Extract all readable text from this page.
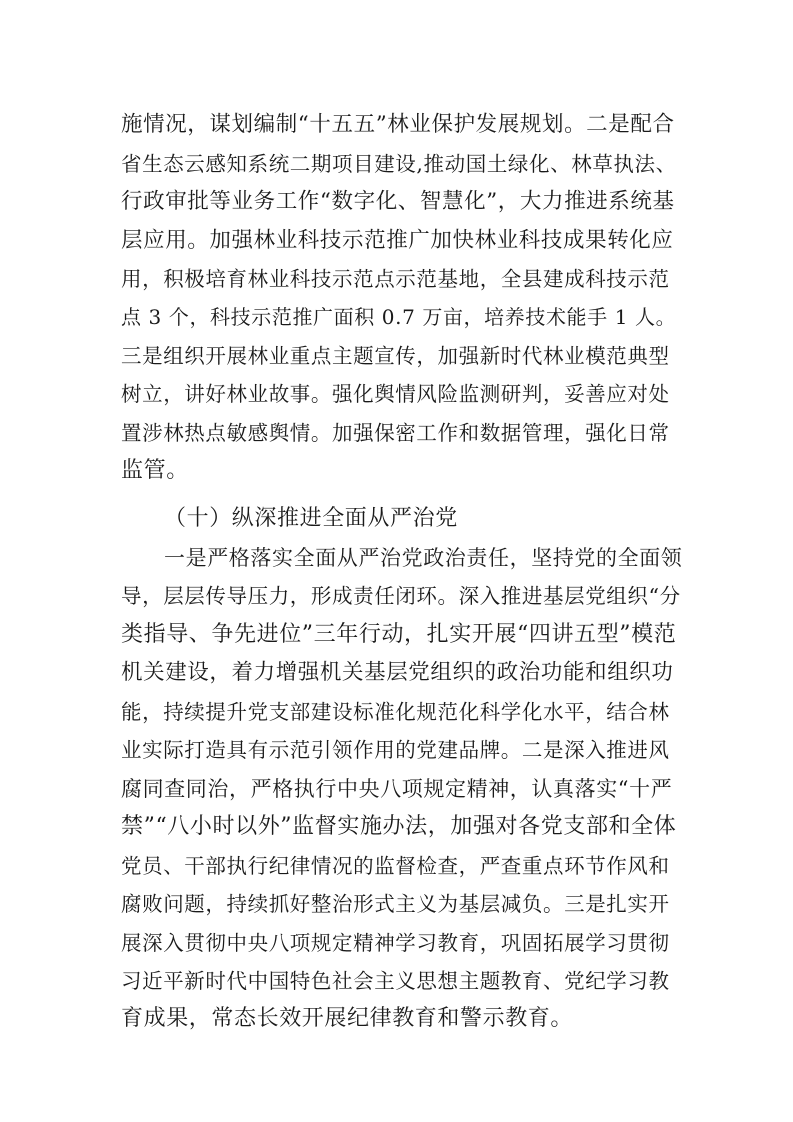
施情况，谋划编制“十五五”林业保护发展规划。二是配合
省生态云感知系统二期项目建设,推动国土绿化、林草执法、
行政审批等业务工作“数字化、智慧化”，大力推进系统基
层应用。加强林业科技示范推广加快林业科技成果转化应
用，积极培育林业科技示范点示范基地，全县建成科技示范
点 3 个，科技示范推广面积 0.7 万亩，培养技术能手 1 人。
三是组织开展林业重点主题宣传，加强新时代林业模范典型
树立，讲好林业故事。强化舆情风险监测研判，妥善应对处
置涉林热点敏感舆情。加强保密工作和数据管理，强化日常
监管。
（十）纵深推进全面从严治党
一是严格落实全面从严治党政治责任，坚持党的全面领
导，层层传导压力，形成责任闭环。深入推进基层党组织“分
类指导、争先进位”三年行动，扎实开展“四讲五型”模范
机关建设，着力增强机关基层党组织的政治功能和组织功
能，持续提升党支部建设标准化规范化科学化水平，结合林
业实际打造具有示范引领作用的党建品牌。二是深入推进风
腐同查同治，严格执行中央八项规定精神，认真落实“十严
禁”“八小时以外”监督实施办法，加强对各党支部和全体
党员、干部执行纪律情况的监督检查，严查重点环节作风和
腐败问题，持续抓好整治形式主义为基层减负。三是扎实开
展深入贯彻中央八项规定精神学习教育，巩固拓展学习贯彻
习近平新时代中国特色社会主义思想主题教育、党纪学习教
育成果，常态长效开展纪律教育和警示教育。
